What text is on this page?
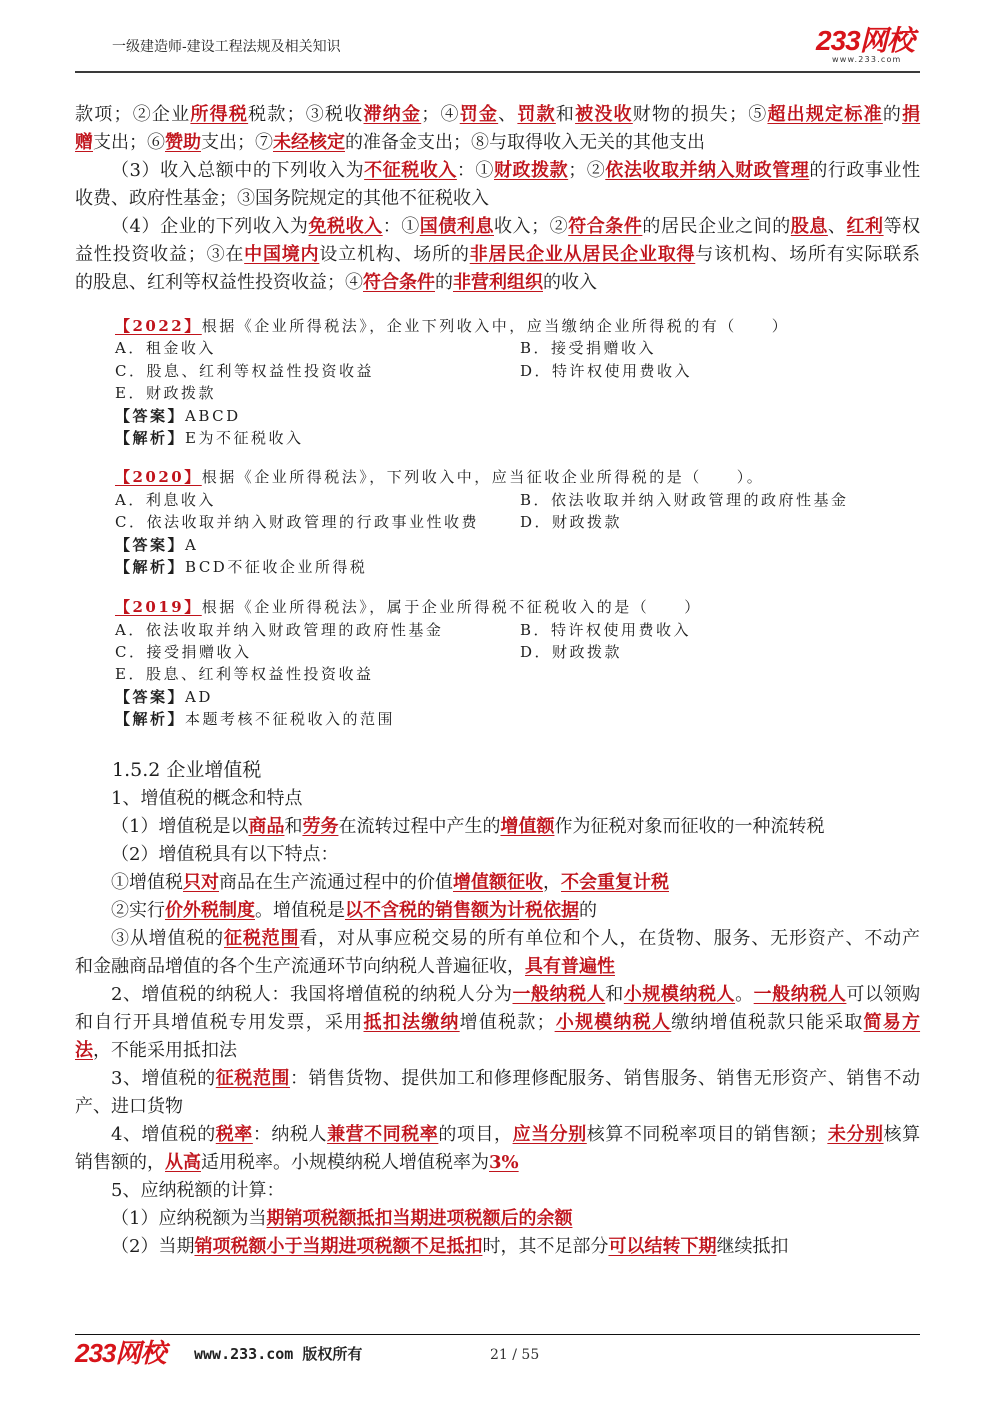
一级建造师-建设工程法规及相关知识	233网校
www.233.com
款项；②企业所得税税款；③税收滞纳金；④罚金、罚款和被没收财物的损失；⑤超出规定标准的捐
赠支出；⑥赞助支出；⑦未经核定的准备金支出；⑧与取得收入无关的其他支出
（3）收入总额中的下列收入为不征税收入：①财政拨款；②依法收取并纳入财政管理的行政事业性
收费、政府性基金；③国务院规定的其他不征税收入
（4）企业的下列收入为免税收入：①国债利息收入；②符合条件的居民企业之间的股息、红利等权
益性投资收益；③在中国境内设立机构、场所的非居民企业从居民企业取得与该机构、场所有实际联系
的股息、红利等权益性投资收益；④符合条件的非营利组织的收入
【2022】根据《企业所得税法》，企业下列收入中，应当缴纳企业所得税的有（　　）
A．租金收入	B．接受捐赠收入
C．股息、红利等权益性投资收益	D．特许权使用费收入
E．财政拨款
【答案】ABCD
【解析】E为不征税收入
【2020】根据《企业所得税法》，下列收入中，应当征收企业所得税的是（　　）。
A．利息收入	B．依法收取并纳入财政管理的政府性基金
C．依法收取并纳入财政管理的行政事业性收费	D．财政拨款
【答案】A
【解析】BCD不征收企业所得税
【2019】根据《企业所得税法》，属于企业所得税不征税收入的是（　　）
A．依法收取并纳入财政管理的政府性基金	B．特许权使用费收入
C．接受捐赠收入	D．财政拨款
E．股息、红利等权益性投资收益
【答案】AD
【解析】本题考核不征税收入的范围
1.5.2 企业增值税
1、增值税的概念和特点
（1）增值税是以商品和劳务在流转过程中产生的增值额作为征税对象而征收的一种流转税
（2）增值税具有以下特点：
①增值税只对商品在生产流通过程中的价值增值额征收，不会重复计税
②实行价外税制度。增值税是以不含税的销售额为计税依据的
③从增值税的征税范围看，对从事应税交易的所有单位和个人，在货物、服务、无形资产、不动产
和金融商品增值的各个生产流通环节向纳税人普遍征收，具有普遍性
2、增值税的纳税人：我国将增值税的纳税人分为一般纳税人和小规模纳税人。一般纳税人可以领购
和自行开具增值税专用发票，采用抵扣法缴纳增值税款；小规模纳税人缴纳增值税款只能采取简易方
法，不能采用抵扣法
3、增值税的征税范围：销售货物、提供加工和修理修配服务、销售服务、销售无形资产、销售不动
产、进口货物
4、增值税的税率：纳税人兼营不同税率的项目，应当分别核算不同税率项目的销售额；未分别核算
销售额的，从高适用税率。小规模纳税人增值税率为3%
5、应纳税额的计算：
（1）应纳税额为当期销项税额抵扣当期进项税额后的余额
（2）当期销项税额小于当期进项税额不足抵扣时，其不足部分可以结转下期继续抵扣
233网校 www.233.com 版权所有	21 / 55
